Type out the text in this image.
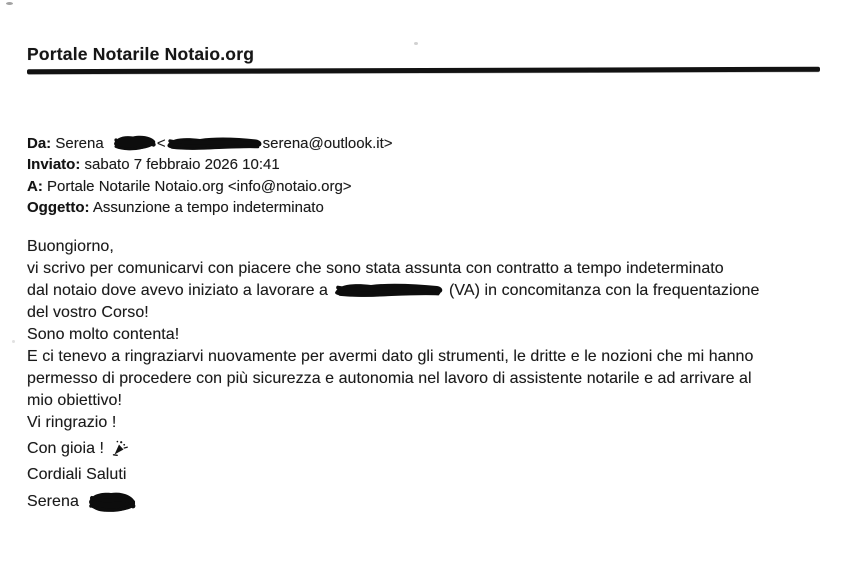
Portale Notarile Notaio.org
Da: Serena	<	serena@outlook.it>
Inviato: sabato 7 febbraio 2026 10:41
A: Portale Notarile Notaio.org <info@notaio.org>
Oggetto: Assunzione a tempo indeterminato
Buongiorno,
vi scrivo per comunicarvi con piacere che sono stata assunta con contratto a tempo indeterminato
dal notaio dove avevo iniziato a lavorare a	(VA) in concomitanza con la frequentazione
del vostro Corso!
Sono molto contenta!
E ci tenevo a ringraziarvi nuovamente per avermi dato gli strumenti, le dritte e le nozioni che mi hanno
permesso di procedere con più sicurezza e autonomia nel lavoro di assistente notarile e ad arrivare al
mio obiettivo!
Vi ringrazio !
Con gioia !
Cordiali Saluti
Serena
